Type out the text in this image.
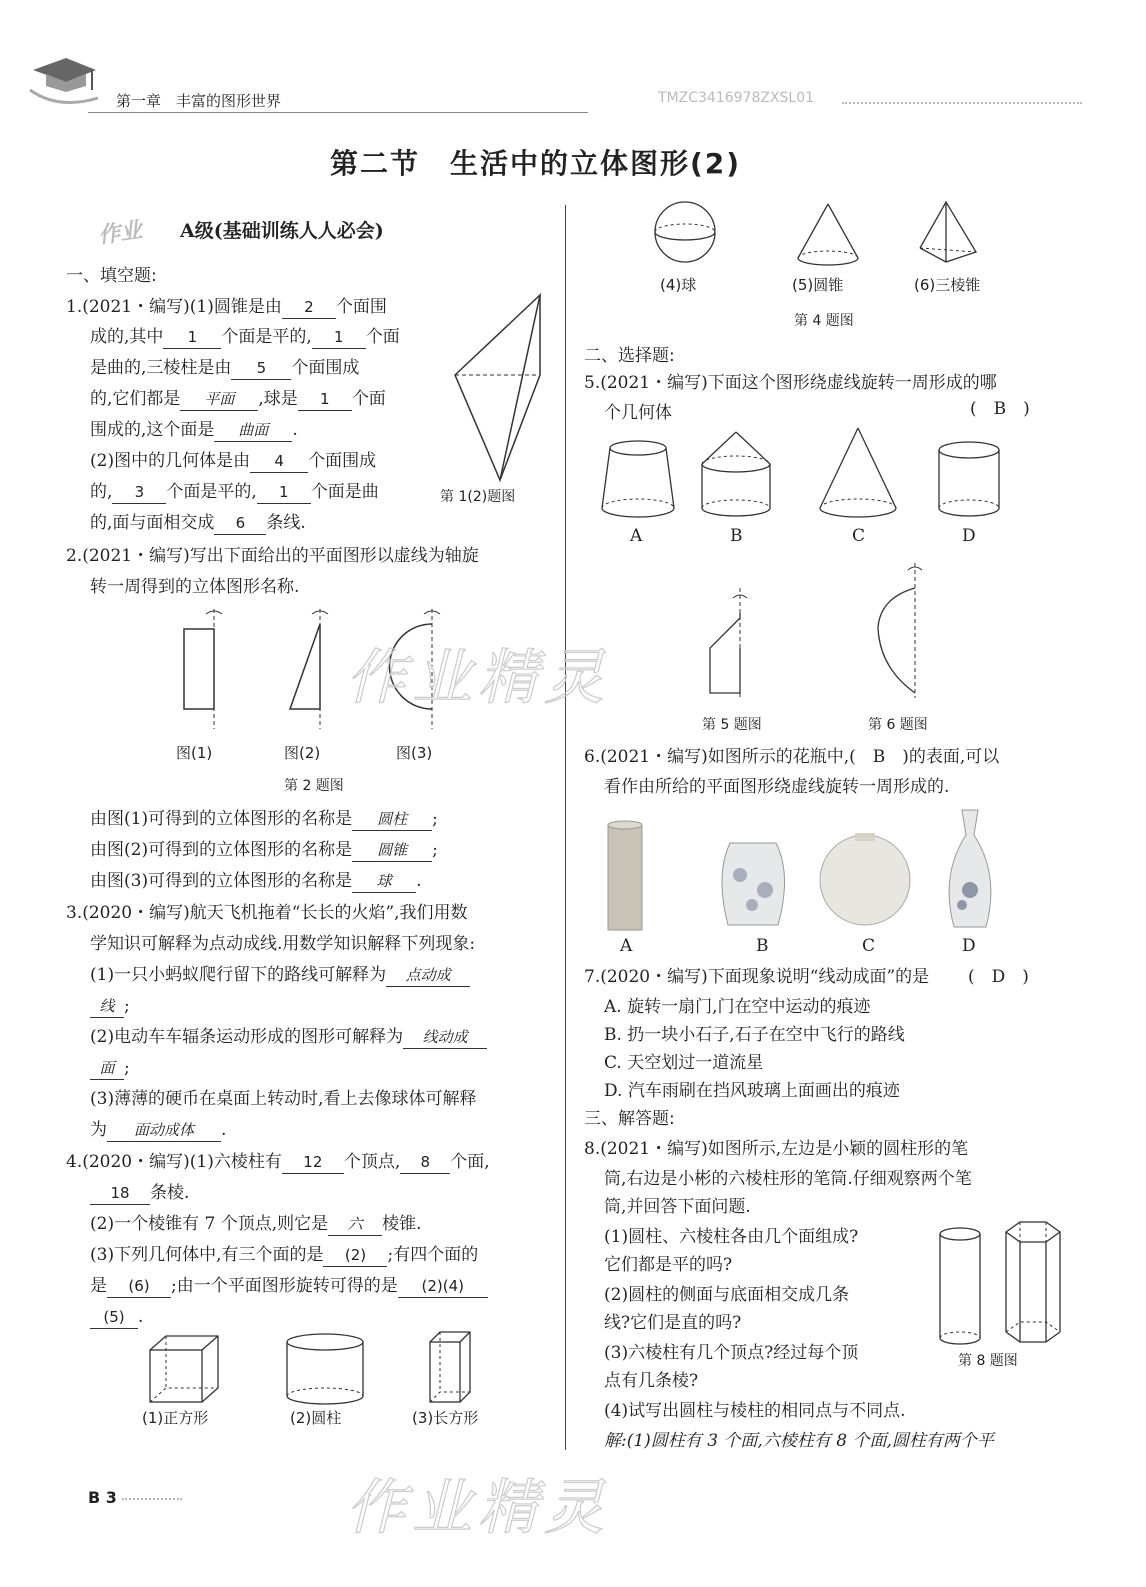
第一章　丰富的图形世界	TMZC3416978ZXSL01
第二节　生活中的立体图形(2)
作业 A级(基础训练人人必会)
一、填空题:
1.(2021・编写)(1)圆锥是由 2 个面围
成的,其中 1 个面是平的, 1 个面
是曲的,三棱柱是由 5 个面围成
的,它们都是 平面 ,球是 1 个面
围成的,这个面是 曲面 .
(2)图中的几何体是由 4 个面围成
的, 3 个面是平的, 1 个面是曲
的,面与面相交成 6 条线.
第 1(2)题图
2.(2021・编写)写出下面给出的平面图形以虚线为轴旋
转一周得到的立体图形名称.
图(1)	图(2)	图(3)
第 2 题图
由图(1)可得到的立体图形的名称是 圆柱 ;
由图(2)可得到的立体图形的名称是 圆锥 ;
由图(3)可得到的立体图形的名称是 球 .
3.(2020・编写)航天飞机拖着“长长的火焰”,我们用数
学知识可解释为点动成线.用数学知识解释下列现象:
(1)一只小蚂蚁爬行留下的路线可解释为 点动成
线 ;
(2)电动车车辐条运动形成的图形可解释为 线动成
面 ;
(3)薄薄的硬币在桌面上转动时,看上去像球体可解释
为 面动成体 .
4.(2020・编写)(1)六棱柱有 12 个顶点, 8 个面,
18 条棱.
(2)一个棱锥有 7 个顶点,则它是 六 棱锥.
(3)下列几何体中,有三个面的是 (2) ;有四个面的
是 (6) ;由一个平面图形旋转可得的是 (2)(4)
(5) .
(1)正方形	(2)圆柱	(3)长方形
B 3
(4)球	(5)圆锥	(6)三棱锥
第 4 题图
二、选择题:
5.(2021・编写)下面这个图形绕虚线旋转一周形成的哪
个几何体	(　B　)
A	B	C	D
第 5 题图	第 6 题图
6.(2021・编写)如图所示的花瓶中,(　B　)的表面,可以
看作由所给的平面图形绕虚线旋转一周形成的.
A	B	C	D
7.(2020・编写)下面现象说明“线动成面”的是 (　D　)
A. 旋转一扇门,门在空中运动的痕迹
B. 扔一块小石子,石子在空中飞行的路线
C. 天空划过一道流星
D. 汽车雨刷在挡风玻璃上面画出的痕迹
三、解答题:
8.(2021・编写)如图所示,左边是小颖的圆柱形的笔
筒,右边是小彬的六棱柱形的笔筒.仔细观察两个笔
筒,并回答下面问题.
(1)圆柱、六棱柱各由几个面组成?
它们都是平的吗?
(2)圆柱的侧面与底面相交成几条
线?它们是直的吗?
(3)六棱柱有几个顶点?经过每个顶
点有几条棱?
(4)试写出圆柱与棱柱的相同点与不同点.
第 8 题图
解:(1)圆柱有 3 个面,六棱柱有 8 个面,圆柱有两个平
作业精灵
作业精灵
